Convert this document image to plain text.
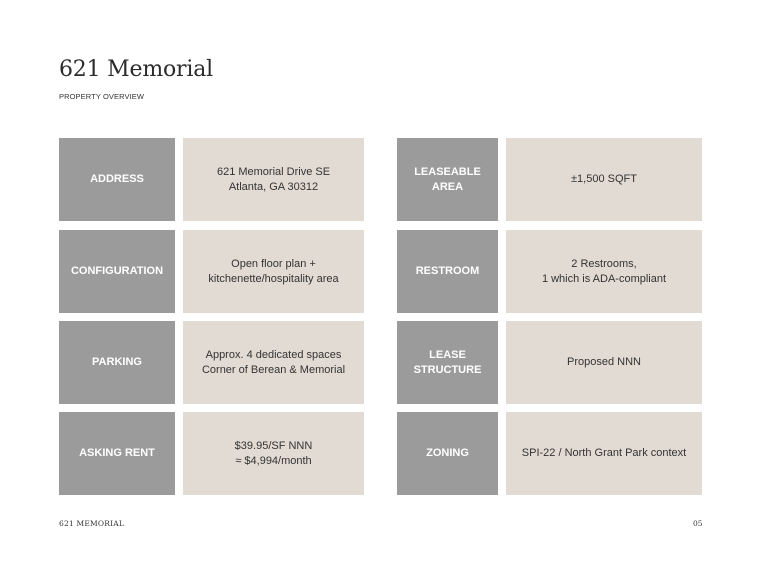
621 Memorial
PROPERTY OVERVIEW
ADDRESS
621 Memorial Drive SE
Atlanta, GA 30312
CONFIGURATION
Open floor plan +
kitchenette/hospitality area
PARKING
Approx. 4 dedicated spaces
Corner of Berean & Memorial
ASKING RENT
$39.95/SF NNN
≈ $4,994/month
LEASEABLE
AREA
±1,500 SQFT
RESTROOM
2 Restrooms,
1 which is ADA-compliant
LEASE
STRUCTURE
Proposed NNN
ZONING	SPI-22 / North Grant Park context
621 MEMORIAL	05
